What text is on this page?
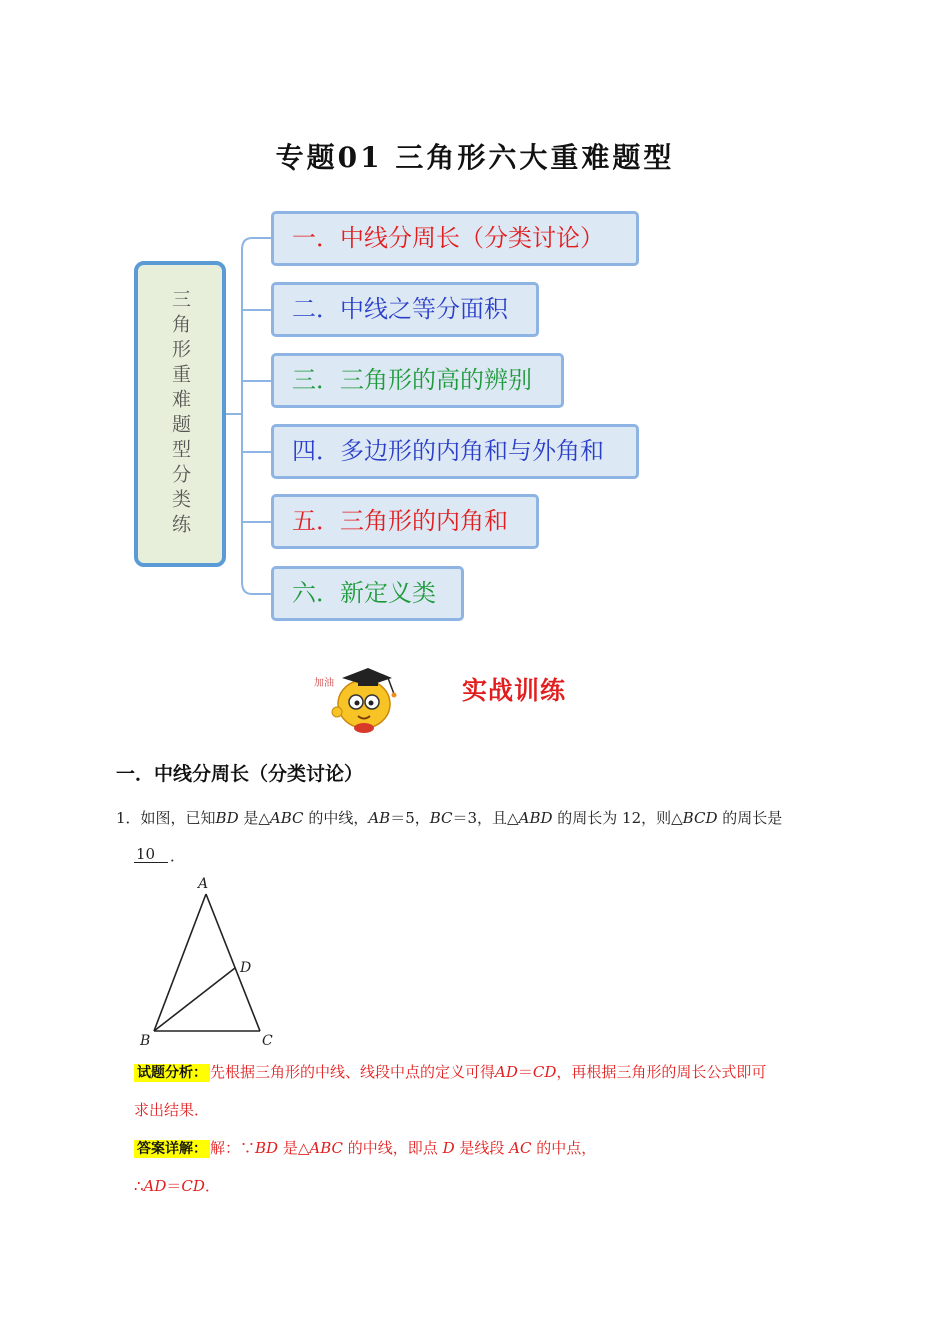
专题01 三角形六大重难题型
三角形重难题型分类练
一．中线分周长（分类讨论）
二．中线之等分面积
三．三角形的高的辨别
四．多边形的内角和与外角和
五．三角形的内角和
六．新定义类
加油	实战训练
一．中线分周长（分类讨论）
1．如图，已知BD 是△ABC 的中线，AB＝5，BC＝3，且△ABD 的周长为 12，则△BCD 的周长是
10 ．
A
B	C
D
试题分析： 先根据三角形的中线、线段中点的定义可得AD＝CD，再根据三角形的周长公式即可
求出结果．
答案详解： 解：∵BD 是△ABC 的中线，即点 D 是线段 AC 的中点，
∴AD＝CD．
